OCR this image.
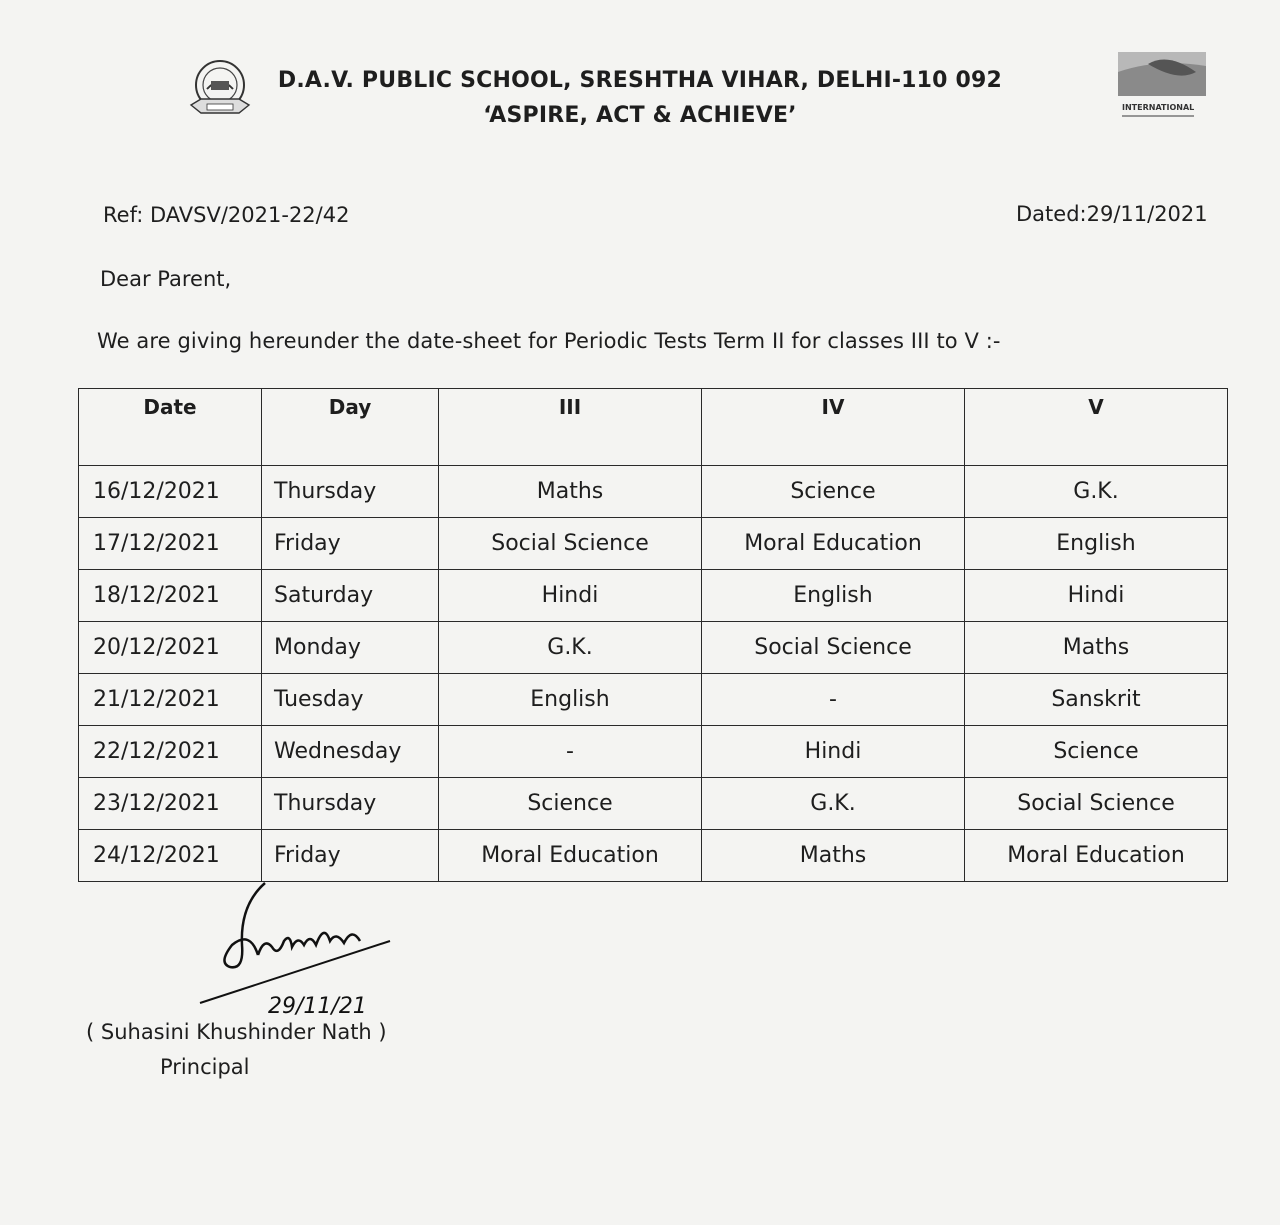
INTERNATIONAL
D.A.V. PUBLIC SCHOOL, SRESHTHA VIHAR, DELHI-110 092
‘ASPIRE, ACT & ACHIEVE’
Ref: DAVSV/2021-22/42	Dated:29/11/2021
Dear Parent,
We are giving hereunder the date-sheet for Periodic Tests Term II for classes III to V :-
Date	Day	III	IV	V
16/12/2021	Thursday	Maths	Science	G.K.
17/12/2021	Friday	Social Science	Moral Education	English
18/12/2021	Saturday	Hindi	English	Hindi
20/12/2021	Monday	G.K.	Social Science	Maths
21/12/2021	Tuesday	English	-	Sanskrit
22/12/2021	Wednesday	-	Hindi	Science
23/12/2021	Thursday	Science	G.K.	Social Science
24/12/2021	Friday	Moral Education	Maths	Moral Education
29/11/21
( Suhasini Khushinder Nath )
Principal
